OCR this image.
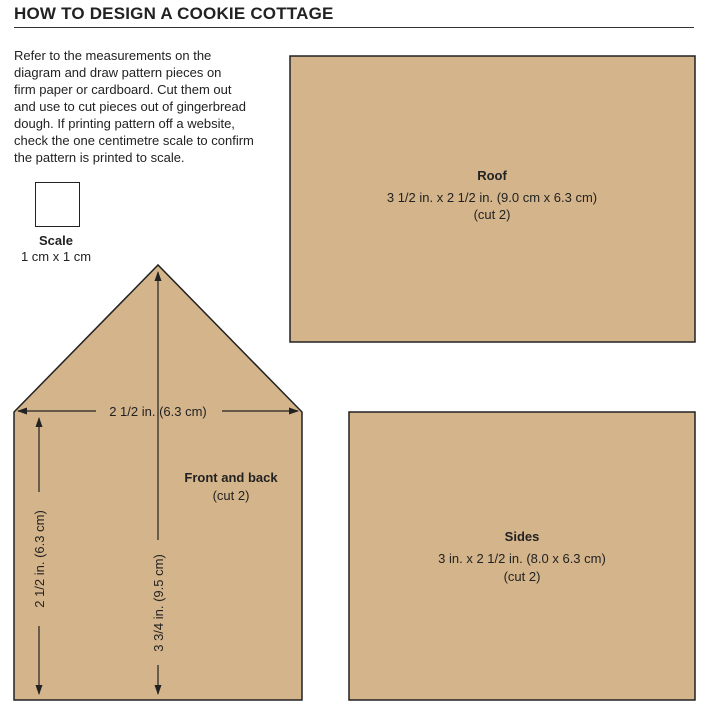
HOW TO DESIGN A COOKIE COTTAGE
Refer to the measurements on the
diagram and draw pattern pieces on
firm paper or cardboard. Cut them out
and use to cut pieces out of gingerbread
dough. If printing pattern off a website,
check the one centimetre scale to confirm
the pattern is printed to scale.
Scale
1 cm x 1 cm
Roof
3 1/2 in. x 2 1/2 in. (9.0 cm x 6.3 cm)
(cut 2)
Sides
3 in. x 2 1/2 in. (8.0 x 6.3 cm)
(cut 2)
2 1/2 in. (6.3 cm)
3 3/4 in. (9.5 cm)
2 1/2 in. (6.3 cm)
Front and back
(cut 2)
